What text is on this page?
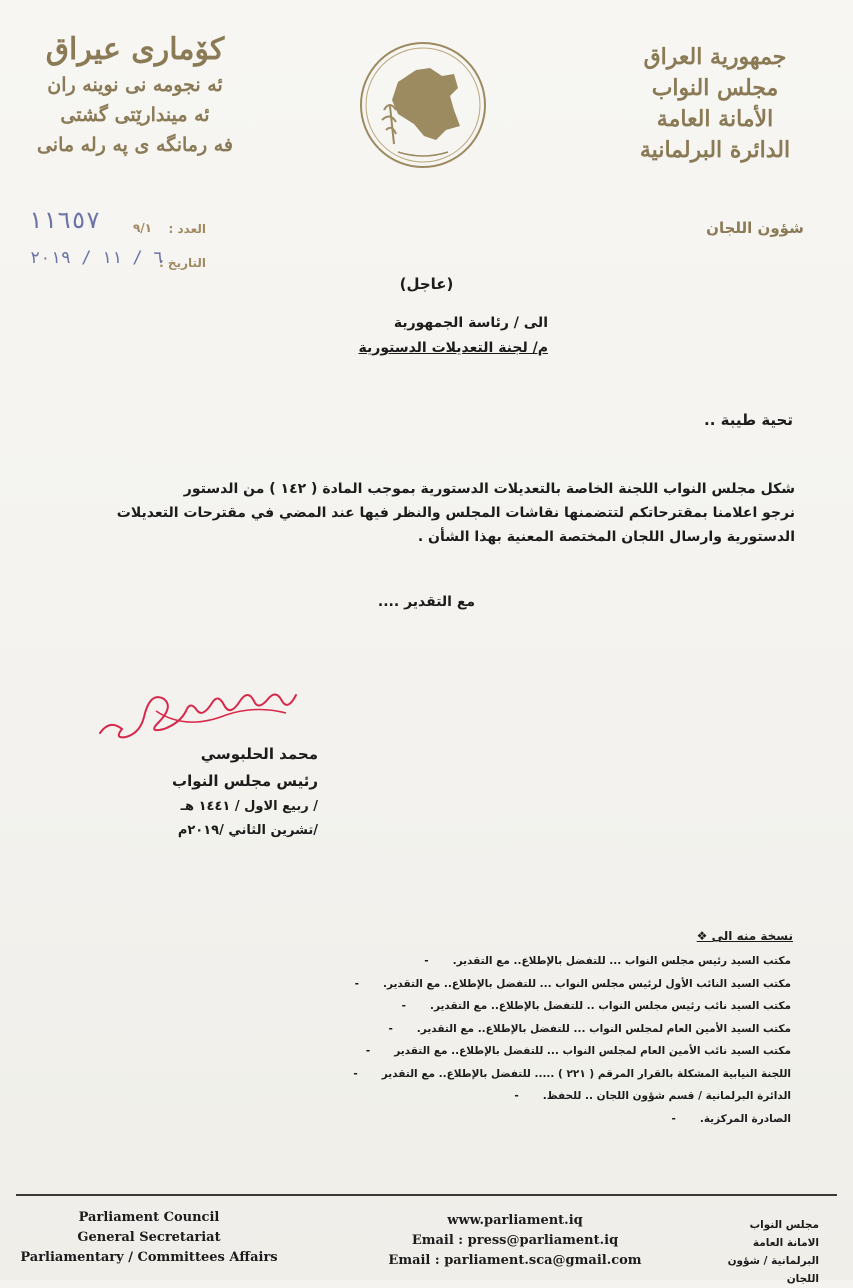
جمهورية العراق
مجلس النواب
الأمانة العامة
الدائرة البرلمانية
شؤون اللجان
كۆماری عیراق
ئه نجومه نی نوینه ران
ئه میندارێتی گشتی
فه رمانگه ی په رله مانی
العدد :
٩/١
١١٦٥٧
التاريخ :
٦ / ١١ / ٢٠١٩
(عاجل)
الى / رئاسة الجمهورية
م/ لجنة التعديلات الدستورية
تحية طيبة ..
شكل مجلس النواب اللجنة الخاصة بالتعديلات الدستورية بموجب المادة ( ١٤٢ ) من الدستور
نرجو اعلامنا بمقترحاتكم لتتضمنها نقاشات المجلس والنظر فيها عند المضي في مقترحات التعديلات
الدستورية وارسال اللجان المختصة المعنية بهذا الشأن .
مع التقدير ....
محمد الحلبوسي
رئيس مجلس النواب
/ ربيع الاول / ١٤٤١ هـ
/تشرين الثاني /٢٠١٩م
نسخة منه الى ❖
مكتب السيد رئيس مجلس النواب ... للتفضل بالإطلاع.. مع التقدير. -
مكتب السيد النائب الأول لرئيس مجلس النواب ... للتفضل بالإطلاع.. مع التقدير. -
مكتب السيد نائب رئيس مجلس النواب .. للتفضل بالإطلاع.. مع التقدير. -
مكتب السيد الأمين العام لمجلس النواب ... للتفضل بالإطلاع.. مع التقدير. -
مكتب السيد نائب الأمين العام لمجلس النواب ... للتفضل بالإطلاع.. مع التقدير -
اللجنة النيابية المشكلة بالقرار المرقم ( ٢٢١ ) ..... للتفضل بالإطلاع.. مع التقدير -
الدائرة البرلمانية / قسم شؤون اللجان .. للحفظ. -
الصادرة المركزية. -
Parliament Council
General Secretariat
Parliamentary / Committees Affairs
www.parliament.iq
Email : press@parliament.iq
Email : parliament.sca@gmail.com
مجلس النواب
الامانة العامة
البرلمانية / شؤون اللجان
